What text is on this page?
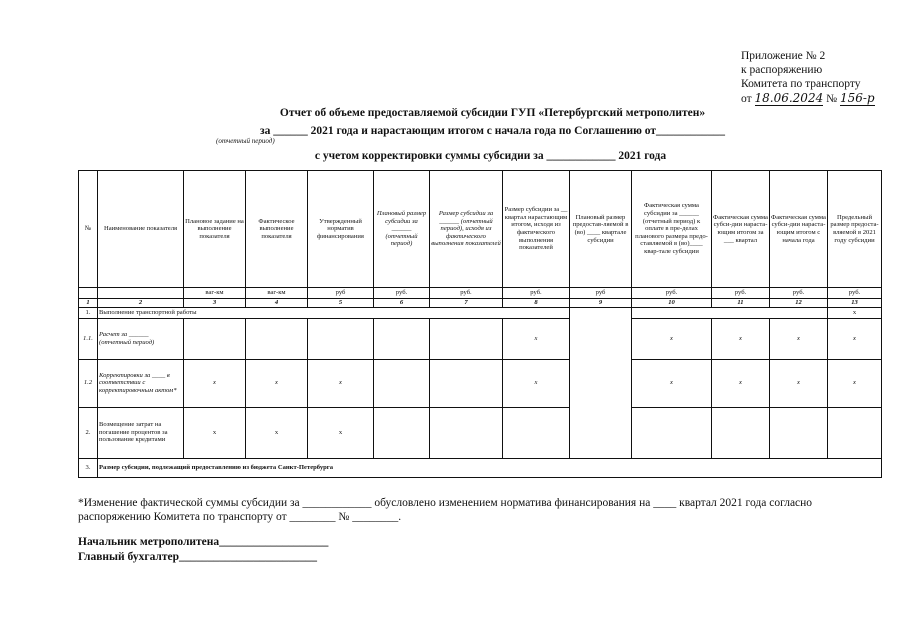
Приложение № 2
к распоряжению
Комитета по транспорту
от 18.06.2024 № 156-р
Отчет об объеме предоставляемой субсидии ГУП «Петербургский метрополитен»
за ______ 2021 года и нарастающим итогом с начала года по Соглашению от____________
(отчетный период)
с учетом корректировки суммы субсидии за ____________ 2021 года
№	Наименование показателя	Плановое задание на выполнение показателя	Фактическое выполнение показателя	Утвержденный норматив финансирования	Плановый размер субсидии за ______ (отчетный период)	Размер субсидии за ______ (отчетный период), исходя из фактического выполнения показателей	Размер субсидии за __ квартал нарастающим итогом, исходя из фактического выполнения показателей	Плановый размер предостав-ляемой в (во) ____ квартале субсидии	Фактическая сумма субсидии за ______ (отчетный период) к оплате в пре-делах планового размера предо-ставляемой в (во)____ квар-тале субсидии	Фактическая сумма субси-дии нараста-ющим итогом за ___ квартал	Фактическая сумма субси-дии нараста-ющим итогом с начала года	Предельный размер предоста-вляемой в 2021 году субсидии
		ваг-км	ваг-км	руб	руб.	руб.	руб.	руб	руб.	руб.	руб.	руб.
1	2	3	4	5	6	7	8	9	10	11	12	13
1.	Выполнение транспортной работы											х
1.1.	Расчет за ______ (отчетный период)						х		х	х	х	х
1.2	Корректировки за ____ в соответствии с корректировочным актом*	х	х	х			х		х	х	х	х
2.	Возмещение затрат на погашение процентов за пользование кредитами	х	х	х								
3.	Размер субсидии, подлежащий предоставлению из бюджета Санкт-Петербурга											
*Изменение фактической суммы субсидии за ____________ обусловлено изменением норматива финансирования на ____ квартал 2021 года согласно
распоряжению Комитета по транспорту от ________ № ________.
Начальник метрополитена___________________
Главный бухгалтер________________________
